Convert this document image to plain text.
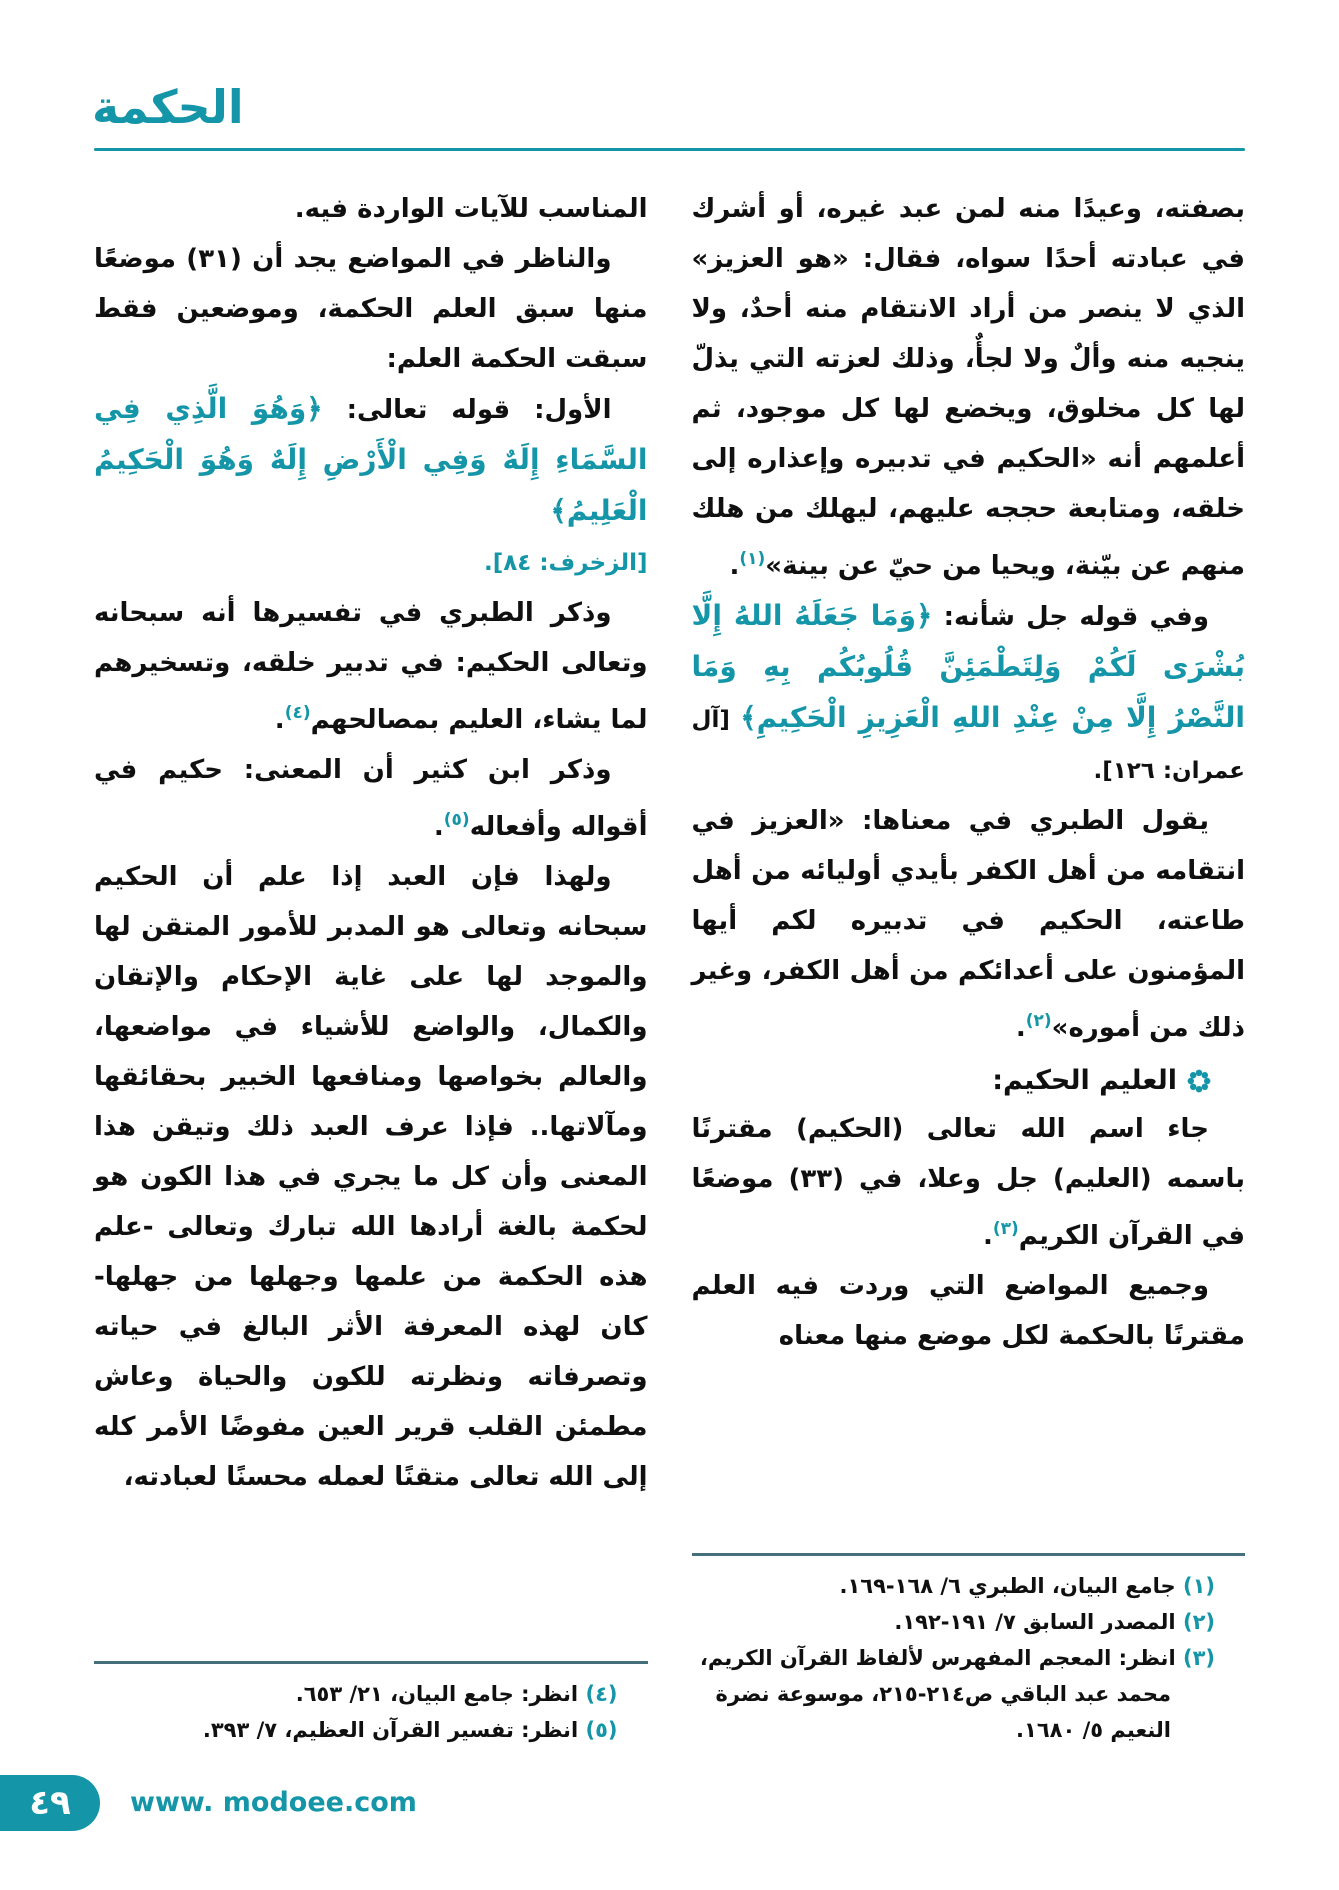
الحكمة
بصفته، وعيدًا منه لمن عبد غيره، أو أشرك في عبادته أحدًا سواه، فقال: «هو العزيز» الذي لا ينصر من أراد الانتقام منه أحدٌ، ولا ينجيه منه وألٌ ولا لجأٌ، وذلك لعزته التي يذلّ لها كل مخلوق، ويخضع لها كل موجود، ثم أعلمهم أنه «الحكيم في تدبيره وإعذاره إلى خلقه، ومتابعة حججه عليهم، ليهلك من هلك منهم عن بيّنة، ويحيا من حيّ عن بينة»$^{(١)}$.
وفي قوله جل شأنه: ﴿وَمَا جَعَلَهُ اللهُ إِلَّا بُشْرَى لَكُمْ وَلِتَطْمَئِنَّ قُلُوبُكُم بِهِ وَمَا النَّصْرُ إِلَّا مِنْ عِنْدِ اللهِ الْعَزِيزِ الْحَكِيمِ﴾ [آل عمران: ١٢٦].
يقول الطبري في معناها: «العزيز في انتقامه من أهل الكفر بأيدي أوليائه من أهل طاعته، الحكيم في تدبيره لكم أيها المؤمنون على أعدائكم من أهل الكفر، وغير ذلك من أموره»$^{(٢)}$.
العليم الحكيم:
جاء اسم الله تعالى (الحكيم) مقترنًا باسمه (العليم) جل وعلا، في (٣٣) موضعًا في القرآن الكريم$^{(٣)}$.
وجميع المواضع التي وردت فيه العلم مقترنًا بالحكمة لكل موضع منها معناه
(١) جامع البيان، الطبري ٦/ ١٦٨-١٦٩.
(٢) المصدر السابق ٧/ ١٩١-١٩٢.
(٣) انظر: المعجم المفهرس لألفاظ القرآن الكريم، محمد عبد الباقي ص٢١٤-٢١٥، موسوعة نضرة النعيم ٥/ ١٦٨٠.
المناسب للآيات الواردة فيه.
والناظر في المواضع يجد أن (٣١) موضعًا منها سبق العلم الحكمة، وموضعين فقط سبقت الحكمة العلم:
الأول: قوله تعالى: ﴿وَهُوَ الَّذِي فِي السَّمَاءِ إِلَهٌ وَفِي الْأَرْضِ إِلَهٌ وَهُوَ الْحَكِيمُ الْعَلِيمُ﴾
[الزخرف: ٨٤].
وذكر الطبري في تفسيرها أنه سبحانه وتعالى الحكيم: في تدبير خلقه، وتسخيرهم لما يشاء، العليم بمصالحهم$^{(٤)}$.
وذكر ابن كثير أن المعنى: حكيم في أقواله وأفعاله$^{(٥)}$.
ولهذا فإن العبد إذا علم أن الحكيم سبحانه وتعالى هو المدبر للأمور المتقن لها والموجد لها على غاية الإحكام والإتقان والكمال، والواضع للأشياء في مواضعها، والعالم بخواصها ومنافعها الخبير بحقائقها ومآلاتها.. فإذا عرف العبد ذلك وتيقن هذا المعنى وأن كل ما يجري في هذا الكون هو لحكمة بالغة أرادها الله تبارك وتعالى -علم هذه الحكمة من علمها وجهلها من جهلها- كان لهذه المعرفة الأثر البالغ في حياته وتصرفاته ونظرته للكون والحياة وعاش مطمئن القلب قرير العين مفوضًا الأمر كله إلى الله تعالى متقنًا لعمله محسنًا لعبادته،
(٤) انظر: جامع البيان، ٢١/ ٦٥٣.
(٥) انظر: تفسير القرآن العظيم، ٧/ ٣٩٣.
٤٩ www. modoee.com
